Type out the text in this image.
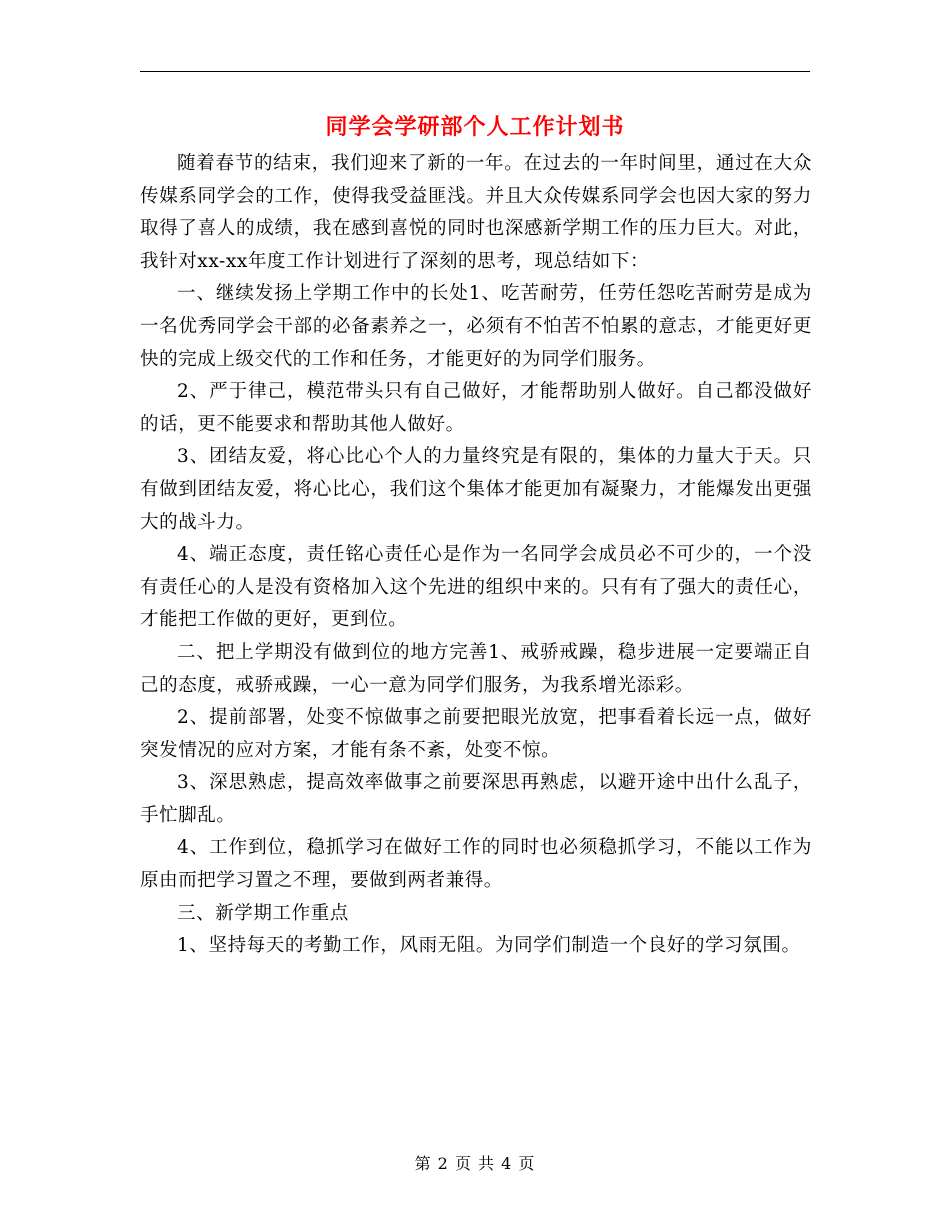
同学会学研部个人工作计划书

随着春节的结束，我们迎来了新的一年。在过去的一年时间里，通过在大众传媒系同学会的工作，使得我受益匪浅。并且大众传媒系同学会也因大家的努力取得了喜人的成绩，我在感到喜悦的同时也深感新学期工作的压力巨大。对此，我针对xx-xx年度工作计划进行了深刻的思考，现总结如下：

一、继续发扬上学期工作中的长处1、吃苦耐劳，任劳任怨吃苦耐劳是成为一名优秀同学会干部的必备素养之一，必须有不怕苦不怕累的意志，才能更好更快的完成上级交代的工作和任务，才能更好的为同学们服务。

2、严于律己，模范带头只有自己做好，才能帮助别人做好。自己都没做好的话，更不能要求和帮助其他人做好。

3、团结友爱，将心比心个人的力量终究是有限的，集体的力量大于天。只有做到团结友爱，将心比心，我们这个集体才能更加有凝聚力，才能爆发出更强大的战斗力。

4、端正态度，责任铭心责任心是作为一名同学会成员必不可少的，一个没有责任心的人是没有资格加入这个先进的组织中来的。只有有了强大的责任心，才能把工作做的更好，更到位。

二、把上学期没有做到位的地方完善1、戒骄戒躁，稳步进展一定要端正自己的态度，戒骄戒躁，一心一意为同学们服务，为我系增光添彩。

2、提前部署，处变不惊做事之前要把眼光放宽，把事看着长远一点，做好突发情况的应对方案，才能有条不紊，处变不惊。

3、深思熟虑，提高效率做事之前要深思再熟虑，以避开途中出什么乱子，手忙脚乱。

4、工作到位，稳抓学习在做好工作的同时也必须稳抓学习，不能以工作为原由而把学习置之不理，要做到两者兼得。

三、新学期工作重点

1、坚持每天的考勤工作，风雨无阻。为同学们制造一个良好的学习氛围。

第 2 页 共 4 页
